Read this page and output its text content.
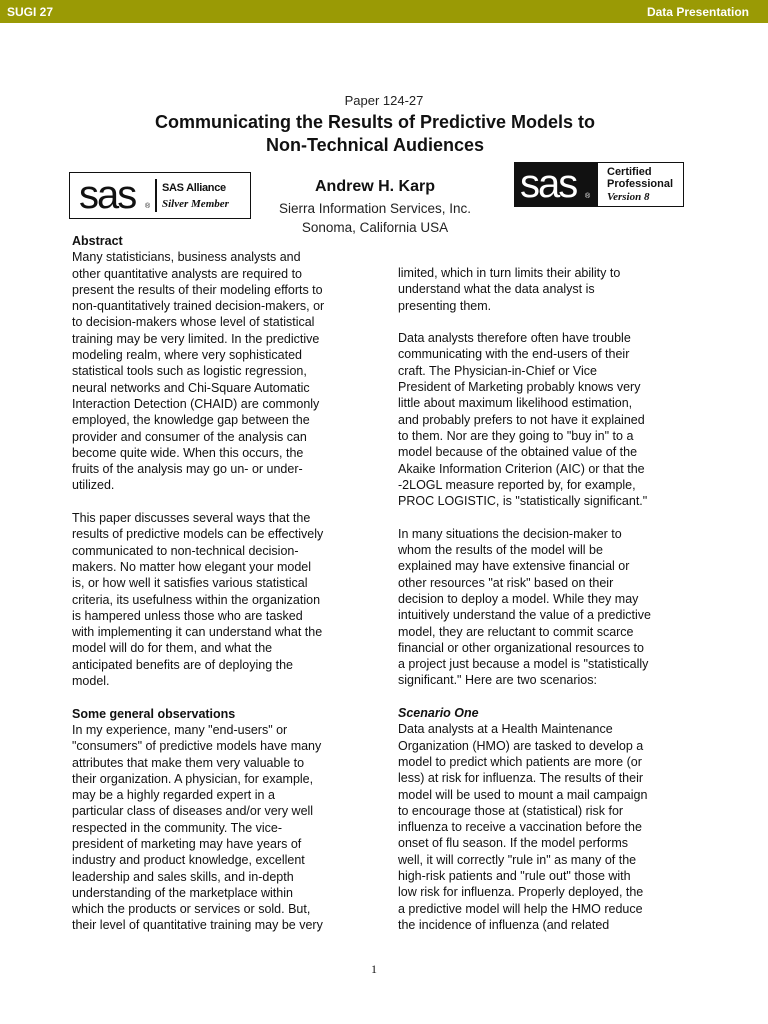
SUGI 27	Data Presentation
Paper 124-27
Communicating the Results of Predictive Models to
Non-Technical Audiences
sas ®
SAS Alliance
Silver Member
Andrew H. Karp
Sierra Information Services, Inc.
Sonoma, California USA
sas ®
Certified
Professional
Version 8

Abstract

Many statisticians, business analysts and

other quantitative analysts are required to

present the results of their modeling efforts to

non-quantitatively trained decision-makers, or

to decision-makers whose level of statistical

training may be very limited. In the predictive

modeling realm, where very sophisticated

statistical tools such as logistic regression,

neural networks and Chi-Square Automatic

Interaction Detection (CHAID) are commonly

employed, the knowledge gap between the

provider and consumer of the analysis can

become quite wide. When this occurs, the

fruits of the analysis may go un- or under-

utilized.

This paper discusses several ways that the

results of predictive models can be effectively

communicated to non-technical decision-

makers. No matter how elegant your model

is, or how well it satisfies various statistical

criteria, its usefulness within the organization

is hampered unless those who are tasked

with implementing it can understand what the

model will do for them, and what the

anticipated benefits are of deploying the

model.

Some general observations

In my experience, many "end-users" or

"consumers" of predictive models have many

attributes that make them very valuable to

their organization. A physician, for example,

may be a highly regarded expert in a

particular class of diseases and/or very well

respected in the community. The vice-

president of marketing may have years of

industry and product knowledge, excellent

leadership and sales skills, and in-depth

understanding of the marketplace within

which the products or services or sold. But,

their level of quantitative training may be very

limited, which in turn limits their ability to

understand what the data analyst is

presenting them.

Data analysts therefore often have trouble

communicating with the end-users of their

craft. The Physician-in-Chief or Vice

President of Marketing probably knows very

little about maximum likelihood estimation,

and probably prefers to not have it explained

to them. Nor are they going to "buy in" to a

model because of the obtained value of the

Akaike Information Criterion (AIC) or that the

-2LOGL measure reported by, for example,

PROC LOGISTIC, is "statistically significant."

In many situations the decision-maker to

whom the results of the model will be

explained may have extensive financial or

other resources "at risk" based on their

decision to deploy a model. While they may

intuitively understand the value of a predictive

model, they are reluctant to commit scarce

financial or other organizational resources to

a project just because a model is "statistically

significant." Here are two scenarios:

Scenario One

Data analysts at a Health Maintenance

Organization (HMO) are tasked to develop a

model to predict which patients are more (or

less) at risk for influenza. The results of their

model will be used to mount a mail campaign

to encourage those at (statistical) risk for

influenza to receive a vaccination before the

onset of flu season. If the model performs

well, it will correctly "rule in" as many of the

high-risk patients and "rule out" those with

low risk for influenza. Properly deployed, the

a predictive model will help the HMO reduce

the incidence of influenza (and related

1
